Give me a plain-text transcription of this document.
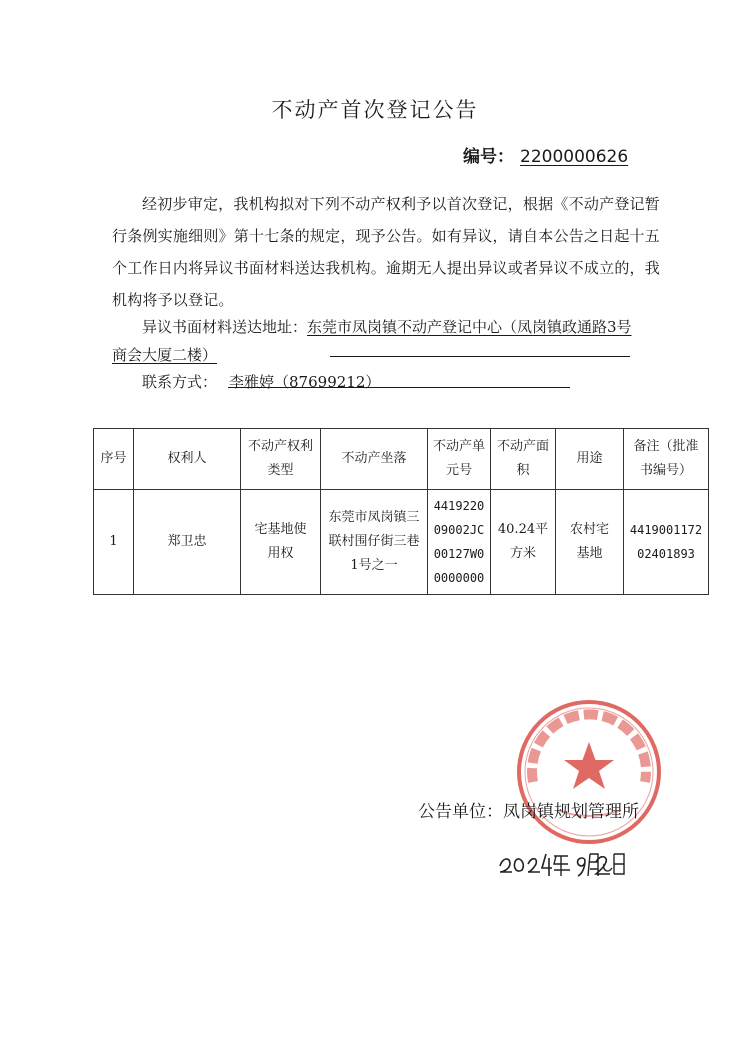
不动产首次登记公告
编号： 2200000626
经初步审定，我机构拟对下列不动产权利予以首次登记，根据《不动产登记暂行条例实施细则》第十七条的规定，现予公告。如有异议，请自本公告之日起十五个工作日内将异议书面材料送达我机构。逾期无人提出异议或者异议不成立的，我机构将予以登记。
异议书面材料送达地址：东莞市凤岗镇不动产登记中心（凤岗镇政通路3号商会大厦二楼）
联系方式： 李雅婷（87699212）
序号	权利人	不动产权利类型	不动产坐落	不动产单元号	不动产面积	用途	备注（批准书编号）

1	郑卫忠	宅基地使用权	东莞市凤岗镇三联村围仔街三巷1号之一	441922009002JC00127W00000000	40.24平方米	农村宅基地	441900117202401893
公告单位：凤岗镇规划管理所
